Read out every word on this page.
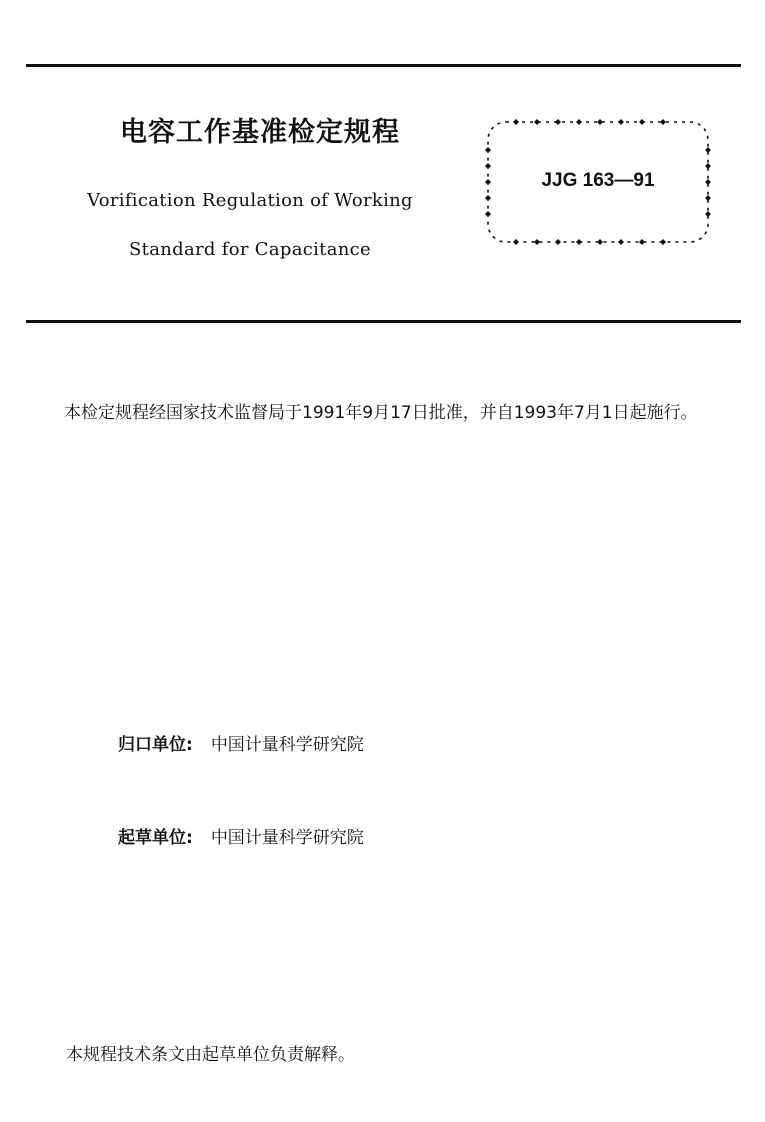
电容工作基准检定规程
Vorification Regulation of Working
Standard for Capacitance
JJG 163—91
本检定规程经国家技术监督局于1991年9月17日批准，并自1993年7月1日起施行。
归口单位: 中国计量科学研究院
起草单位: 中国计量科学研究院
本规程技术条文由起草单位负责解释。
